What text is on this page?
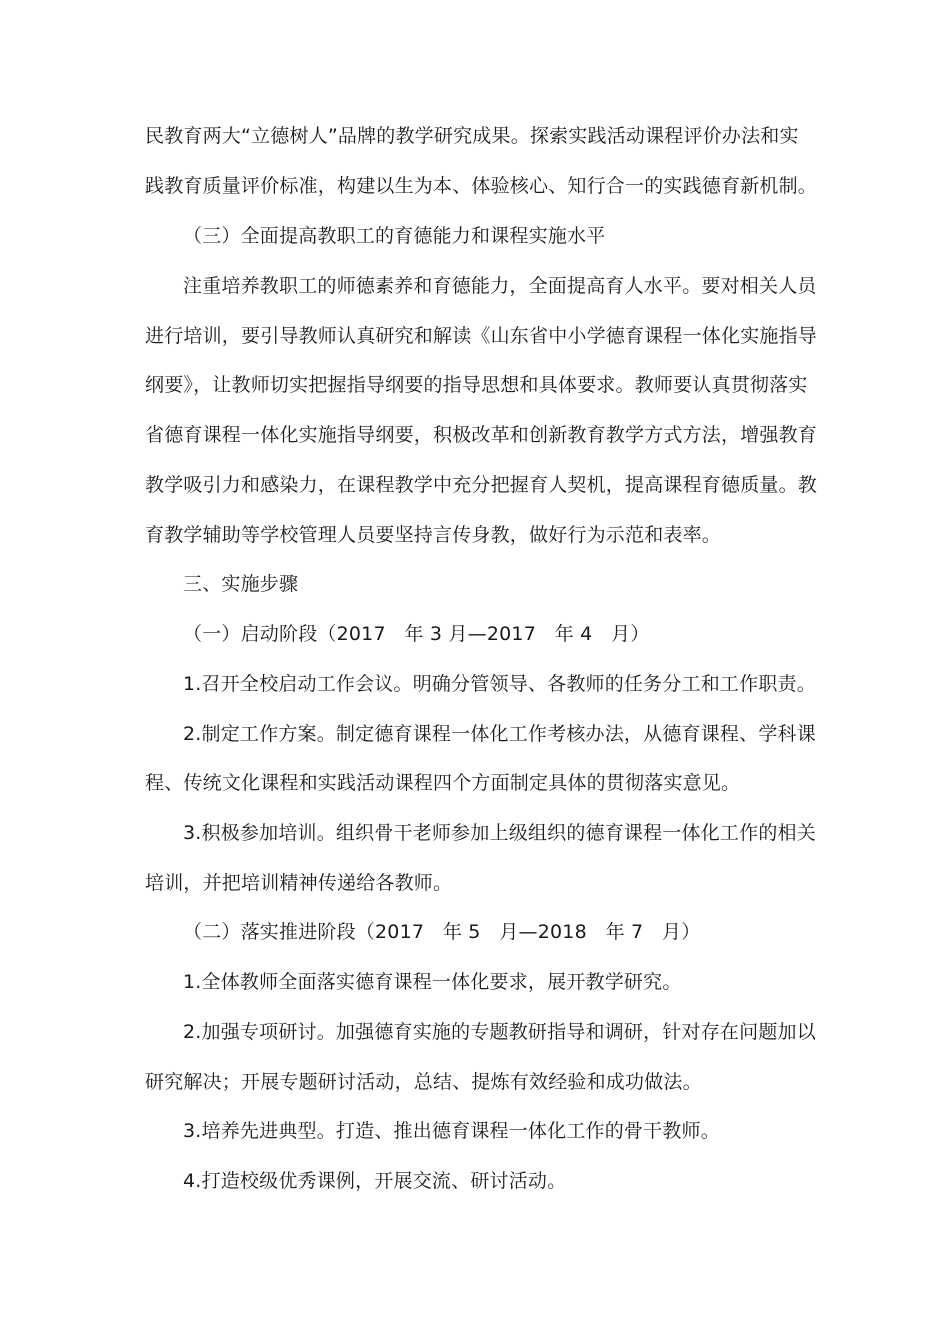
民教育两大“立德树人”品牌的教学研究成果。探索实践活动课程评价办法和实
践教育质量评价标准，构建以生为本、体验核心、知行合一的实践德育新机制。
（三）全面提高教职工的育德能力和课程实施水平
注重培养教职工的师德素养和育德能力，全面提高育人水平。要对相关人员
进行培训，要引导教师认真研究和解读《山东省中小学德育课程一体化实施指导
纲要》，让教师切实把握指导纲要的指导思想和具体要求。教师要认真贯彻落实
省德育课程一体化实施指导纲要，积极改革和创新教育教学方式方法，增强教育
教学吸引力和感染力，在课程教学中充分把握育人契机，提高课程育德质量。教
育教学辅助等学校管理人员要坚持言传身教，做好行为示范和表率。
三、实施步骤
（一）启动阶段（2017   年 3 月—2017   年 4   月）
1.召开全校启动工作会议。明确分管领导、各教师的任务分工和工作职责。
2.制定工作方案。制定德育课程一体化工作考核办法，从德育课程、学科课
程、传统文化课程和实践活动课程四个方面制定具体的贯彻落实意见。
3.积极参加培训。组织骨干老师参加上级组织的德育课程一体化工作的相关
培训，并把培训精神传递给各教师。
（二）落实推进阶段（2017   年 5   月—2018   年 7   月）
1.全体教师全面落实德育课程一体化要求，展开教学研究。
2.加强专项研讨。加强德育实施的专题教研指导和调研，针对存在问题加以
研究解决；开展专题研讨活动，总结、提炼有效经验和成功做法。
3.培养先进典型。打造、推出德育课程一体化工作的骨干教师。
4.打造校级优秀课例，开展交流、研讨活动。
